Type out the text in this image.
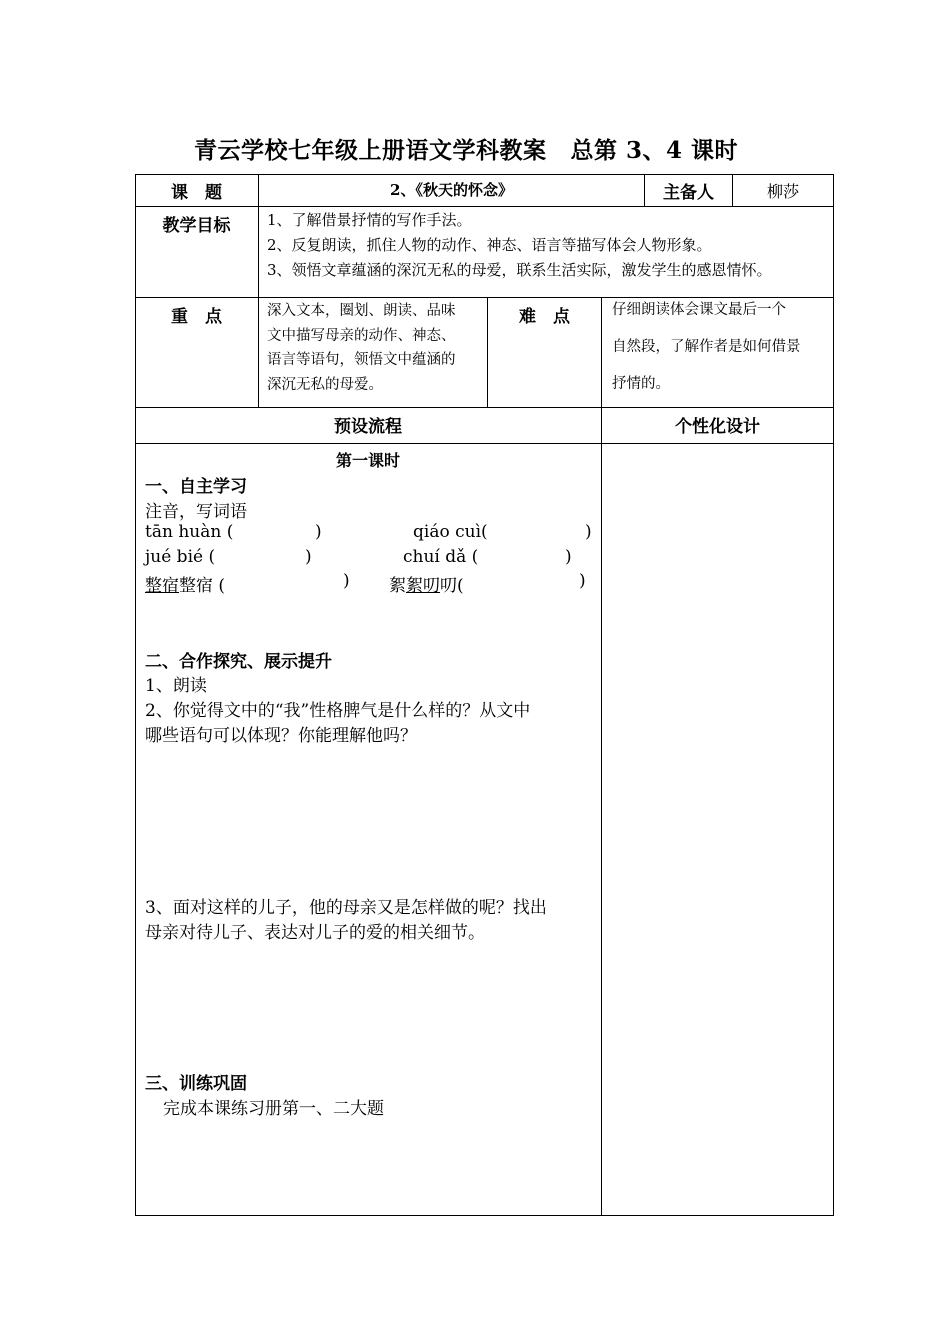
青云学校七年级上册语文学科教案 总第 3、4 课时
课　题	2、《秋天的怀念》	主备人	柳莎
教学目标	1、了解借景抒情的写作手法。

2、反复朗读，抓住人物的动作、神态、语言等描写体会人物形象。

3、领悟文章蕴涵的深沉无私的母爱，联系生活实际，激发学生的感恩情怀。

重　点	深入文本，圈划、朗读、品味
文中描写母亲的动作、神态、
语言等语句，领悟文中蕴涵的
深沉无私的母爱。
难　点	仔细朗读体会课文最后一个
自然段，了解作者是如何借景
抒情的。
预设流程	个性化设计
第一课时
一、自主学习
注音，写词语
tān huàn (	)	qiáo cuì(	)
jué bié (	)	chuí dǎ (	)
整宿整宿 (	) 絮絮叨叨(	)
二、合作探究、展示提升
1、朗读
2、你觉得文中的“我”性格脾气是什么样的？从文中
哪些语句可以体现？你能理解他吗？
3、面对这样的儿子，他的母亲又是怎样做的呢？找出
母亲对待儿子、表达对儿子的爱的相关细节。
三、训练巩固
完成本课练习册第一、二大题
